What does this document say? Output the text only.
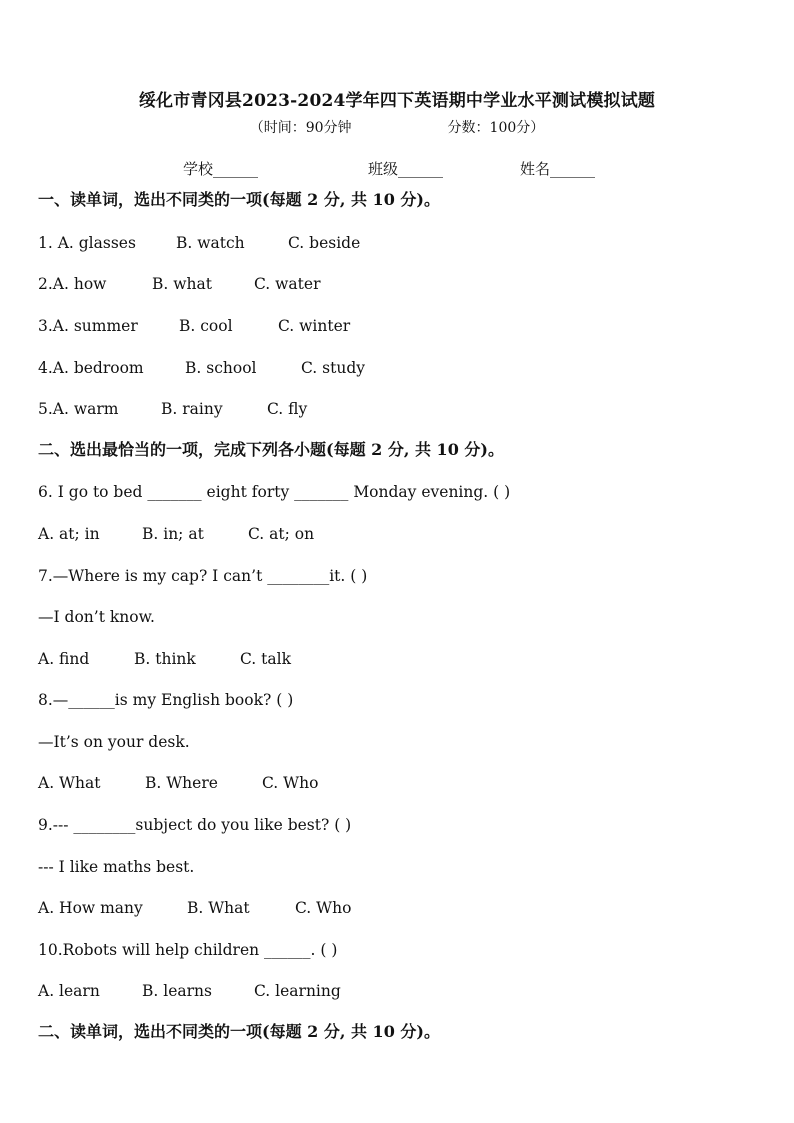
绥化市青冈县2023-2024学年四下英语期中学业水平测试模拟试题
（时间：90分钟	分数：100分）
学校______	班级______	姓名______
一、读单词，选出不同类的一项(每题 2 分, 共 10 分)。
1. A. glasses	B. watch	C. beside
2.A. how	B. what	C. water
3.A. summer	B. cool	C. winter
4.A. bedroom	B. school	C. study
5.A. warm	B. rainy	C. fly
二、选出最恰当的一项，完成下列各小题(每题 2 分, 共 10 分)。
6. I go to bed _______ eight forty _______ Monday evening. ( )
A. at; in	B. in; at	C. at; on
7.—Where is my cap? I can’t ________it. ( )
—I don’t know.
A. find	B. think	C. talk
8.—______is my English book? ( )
—It’s on your desk.
A. What	B. Where	C. Who
9.--- ________subject do you like best? ( )
--- I like maths best.
A. How many	B. What	C. Who
10.Robots will help children ______. ( )
A. learn	B. learns	C. learning
二、读单词，选出不同类的一项(每题 2 分, 共 10 分)。
